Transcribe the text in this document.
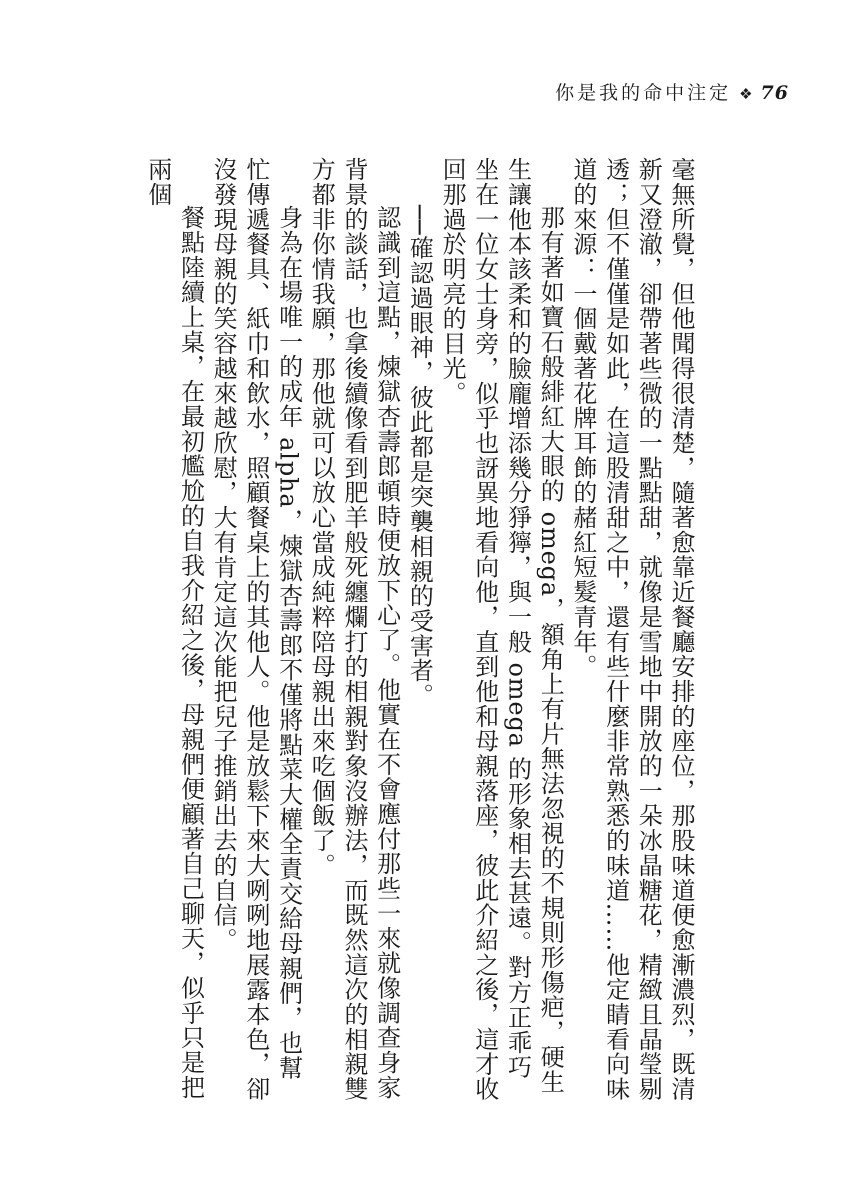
你是我的命中注定 ❖ 76

毫無所覺，但他聞得很清楚，隨著愈靠近餐廳安排的座位，那股味道便愈漸濃烈，既清新又澄澈，卻帶著些微的一點點甜，就像是雪地中開放的一朵冰晶糖花，精緻且晶瑩剔透；但不僅僅是如此，在這股清甜之中，還有些什麼非常熟悉的味道……他定睛看向味道的來源：一個戴著花牌耳飾的赭紅短髮青年。

那有著如寶石般緋紅大眼的 omega，額角上有片無法忽視的不規則形傷疤，硬生生讓他本該柔和的臉龐增添幾分猙獰，與一般 omega 的形象相去甚遠。對方正乖巧坐在一位女士身旁，似乎也訝異地看向他，直到他和母親落座，彼此介紹之後，這才收回那過於明亮的目光。

──確認過眼神，彼此都是突襲相親的受害者。

認識到這點，煉獄杏壽郎頓時便放下心了。他實在不會應付那些一來就像調查身家背景的談話，也拿後續像看到肥羊般死纏爛打的相親對象沒辦法，而既然這次的相親雙方都非你情我願，那他就可以放心當成純粹陪母親出來吃個飯了。

身為在場唯一的成年 alpha，煉獄杏壽郎不僅將點菜大權全責交給母親們，也幫忙傳遞餐具、紙巾和飲水，照顧餐桌上的其他人。他是放鬆下來大咧咧地展露本色，卻沒發現母親的笑容越來越欣慰，大有肯定這次能把兒子推銷出去的自信。

餐點陸續上桌，在最初尷尬的自我介紹之後，母親們便顧著自己聊天，似乎只是把兩個
